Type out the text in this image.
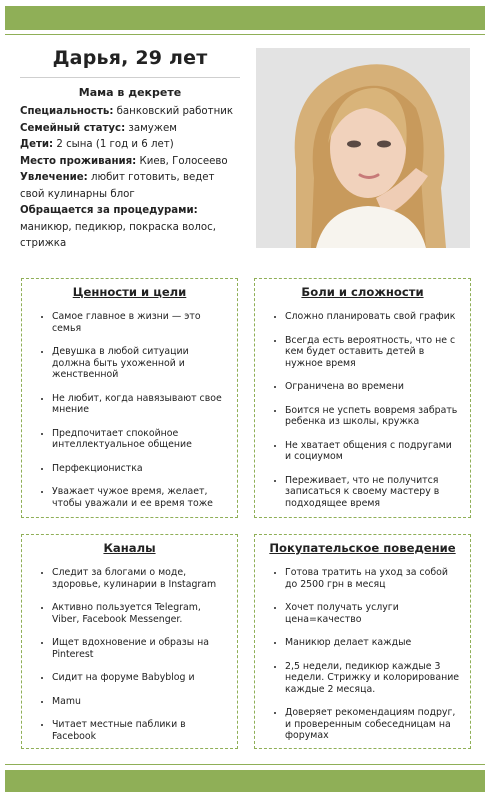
Дарья, 29 лет
Мама в декрете
Специальность: банковский работник
Семейный статус: замужем
Дети: 2 сына (1 год и 6 лет)
Место проживания: Киев, Голосеево
Увлечение: любит готовить, ведет свой кулинарны блог
Обращается за процедурами: маникюр, педикюр, покраска волос, стрижка
Ценности и цели
• Самое главное в жизни — это семья
• Девушка в любой ситуации должна быть ухоженной и женственной
• Не любит, когда навязывают свое мнение
• Предпочитает спокойное интеллектуальное общение
• Перфекционистка
• Уважает чужое время, желает, чтобы уважали и ее время тоже
Боли и сложности
• Сложно планировать свой график
• Всегда есть вероятность, что не с кем будет оставить детей в нужное время
• Ограничена во времени
• Боится не успеть вовремя забрать ребенка из школы, кружка
• Не хватает общения с подругами и социумом
• Переживает, что не получится записаться к своему мастеру в подходящее время
Каналы
• Следит за блогами о моде, здоровье, кулинарии в Instagram
• Активно пользуется Telegram, Viber, Facebook Messenger.
• Ищет вдохновение и образы на Pinterest
• Сидит на форуме Babyblog и
• Mamu
• Читает местные паблики в Facebook
Покупательское поведение
• Готова тратить на уход за собой до 2500 грн в месяц
• Хочет получать услуги цена=качество
• Маникюр делает каждые
• 2,5 недели, педикюр каждые 3 недели. Стрижку и колорирование каждые 2 месяца.
• Доверяет рекомендациям подруг, и проверенным собеседницам на форумах
